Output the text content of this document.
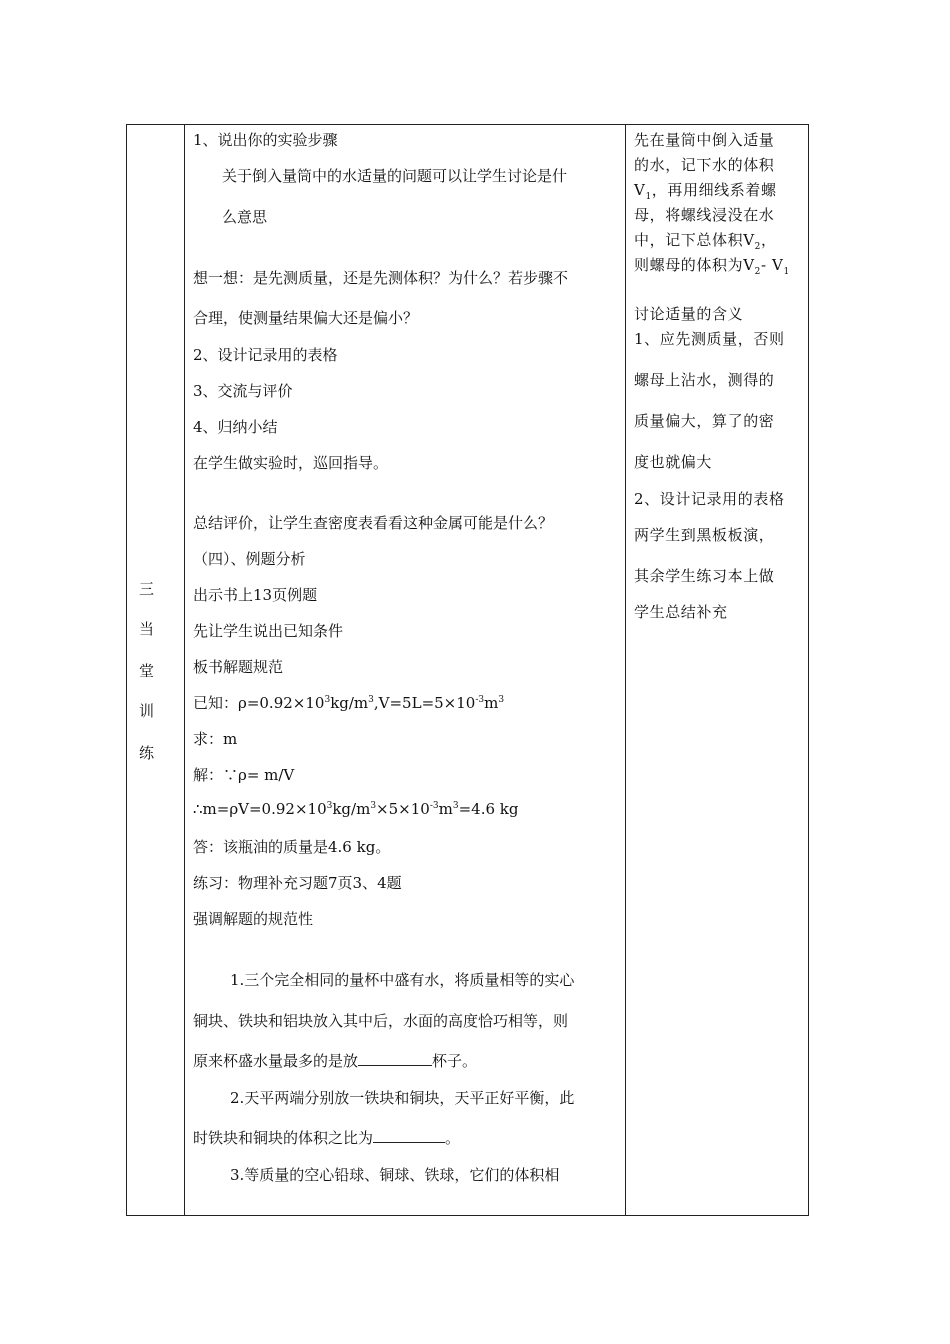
三 当
堂 训
练

1、说出你的实验步骤
关于倒入量筒中的水适量的问题可以让学生讨论是什
么意思
想一想：是先测质量，还是先测体积？为什么？若步骤不
合理，使测量结果偏大还是偏小？
2、设计记录用的表格
3、交流与评价
4、归纳小结
在学生做实验时，巡回指导。
总结评价，让学生查密度表看看这种金属可能是什么？
（四）、例题分析
出示书上13页例题
先让学生说出已知条件
板书解题规范
已知：$\rho=0.92\times 10^3kg/m^3,V=5L=5\times 10^{-3}m^3$
求：m
解：∵ρ= m/V
$\therefore m=\rho V=0.92\times 10^3kg/m^3\times 5\times 10^{-3}m^3=4.6$ kg
答：该瓶油的质量是4.6 kg。
练习：物理补充习题7页3、4题
强调解题的规范性
1.三个完全相同的量杯中盛有水，将质量相等的实心
铜块、铁块和铝块放入其中后，水面的高度恰巧相等，则
原来杯盛水量最多的是放	杯子。
2.天平两端分别放一铁块和铜块，天平正好平衡，此
时铁块和铜块的体积之比为	。
3.等质量的空心铅球、铜球、铁球，它们的体积相

先在量筒中倒入适量
的水，记下水的体积
$V_1$，再用细线系着螺
母，将螺线浸没在水
中，记下总体积$V_2$，
则螺母的体积为$V_2-$ $V_1$
讨论适量的含义
1、应先测质量，否则
螺母上沾水，测得的
质量偏大，算了的密
度也就偏大
2、设计记录用的表格
两学生到黑板板演，
其余学生练习本上做
学生总结补充
